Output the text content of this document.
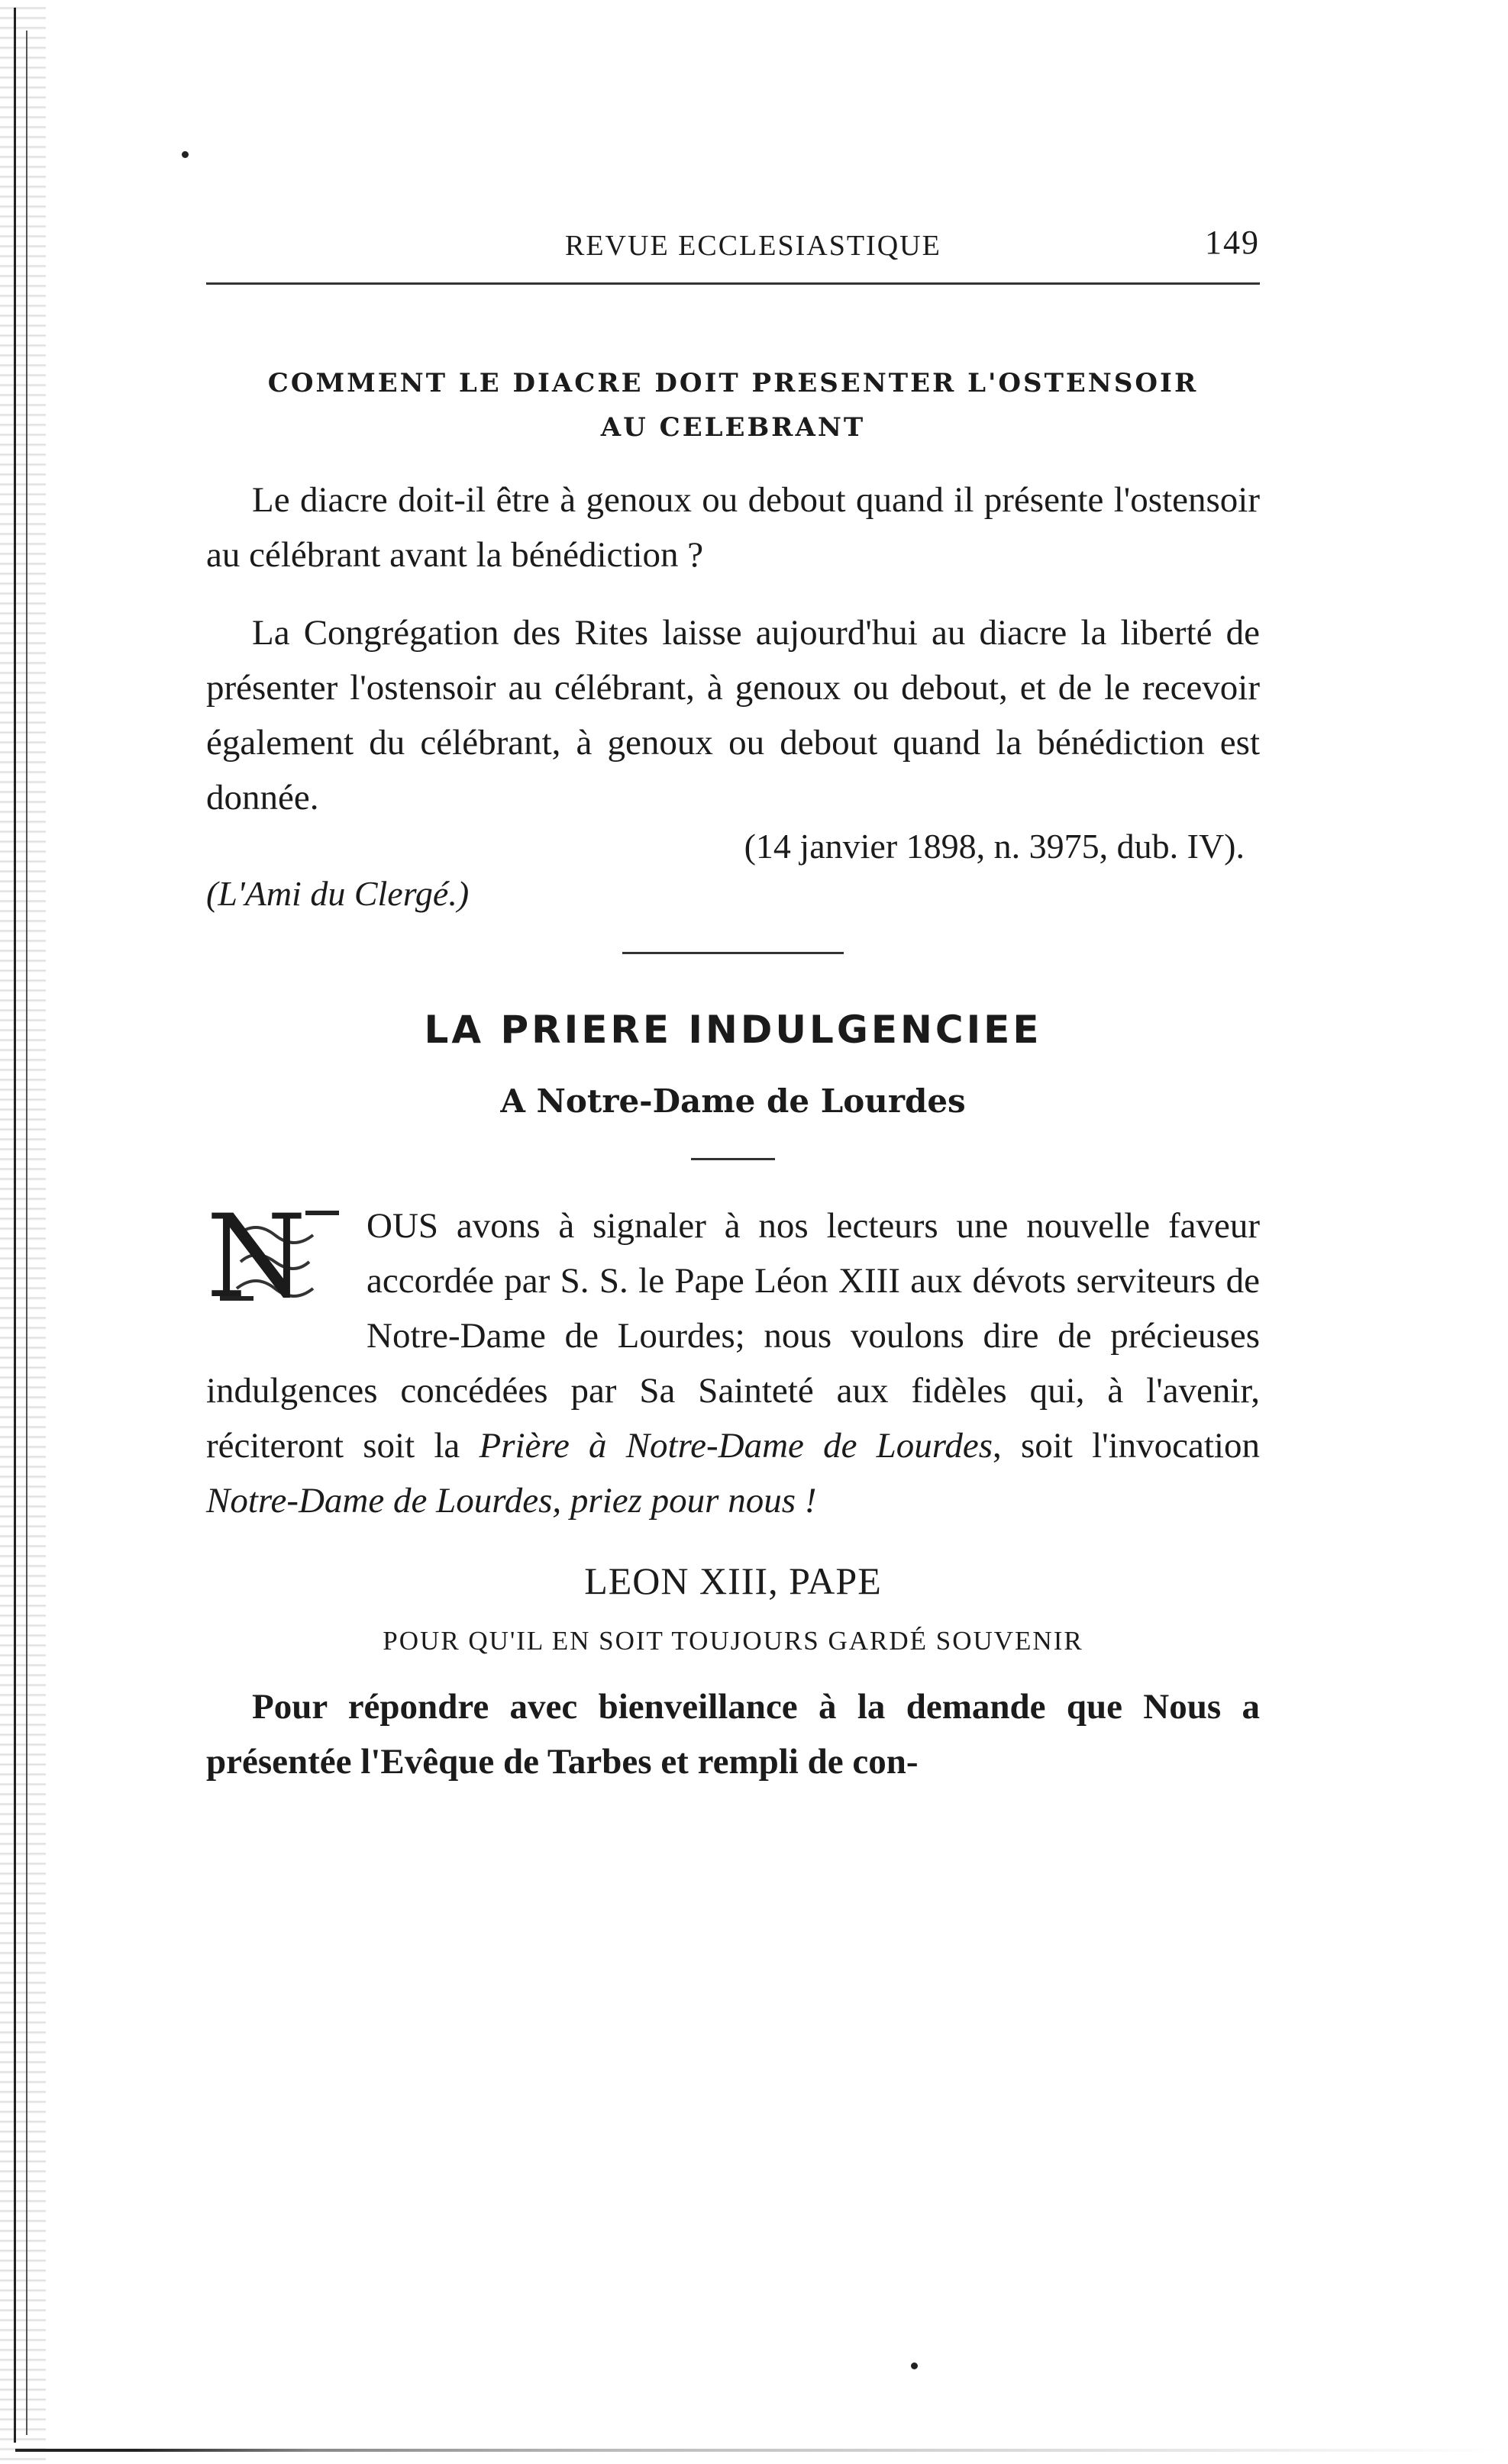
REVUE ECCLESIASTIQUE	149
COMMENT LE DIACRE DOIT PRESENTER L'OSTENSOIR
AU CELEBRANT

Le diacre doit-il être à genoux ou debout quand il présente l'ostensoir au célébrant avant la bénédiction ?

La Congrégation des Rites laisse aujourd'hui au diacre la liberté de présenter l'ostensoir au célébrant, à genoux ou debout, et de le recevoir également du célébrant, à genoux ou debout quand la bénédiction est donnée.

(14 janvier 1898, n. 3975, dub. IV).
(L'Ami du Clergé.)
LA PRIERE INDULGENCIEE
A Notre-Dame de Lourdes
N	OUS avons à signaler à nos lecteurs une nouvelle faveur accordée par S. S. le Pape Léon XIII aux dévots serviteurs de Notre-Dame de Lourdes; nous voulons dire de précieuses indulgences concédées par Sa Sainteté aux fidèles qui, à l'avenir, réciteront soit la Prière à Notre-Dame de Lourdes, soit l'invocation Notre-Dame de Lourdes, priez pour nous !

LEON XIII, PAPE
POUR QU'IL EN SOIT TOUJOURS GARDÉ SOUVENIR

Pour répondre avec bienveillance à la demande que Nous a présentée l'Evêque de Tarbes et rempli de con-
